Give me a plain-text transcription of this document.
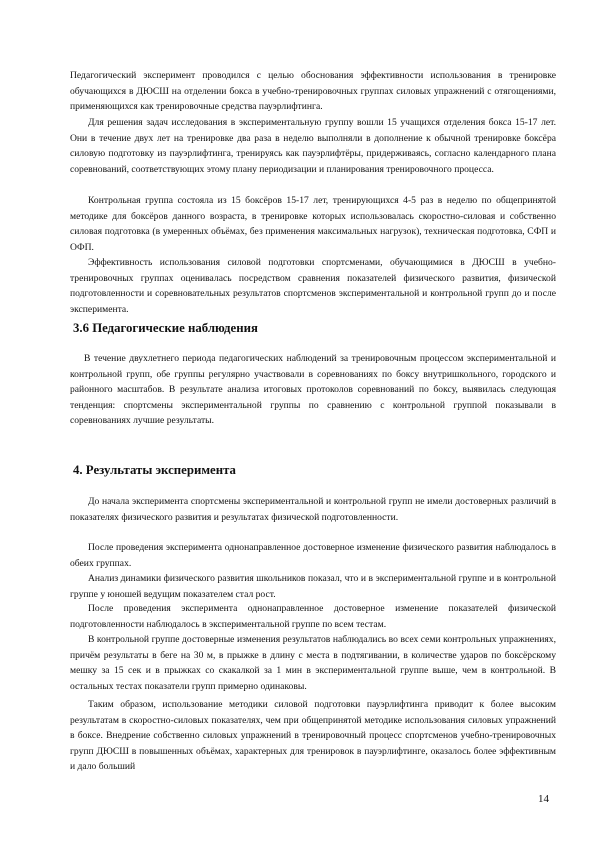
Педагогический эксперимент проводился с целью обоснования эффективности использования в тренировке обучающихся в ДЮСШ на отделении бокса в учебно-тренировочных группах силовых упражнений с отягощениями, применяющихся как тренировочные средства пауэрлифтинга.

Для решения задач исследования в экспериментальную группу вошли 15 учащихся отделения бокса 15-17 лет. Они в течение двух лет на тренировке два раза в неделю выполняли в дополнение к обычной тренировке боксёра силовую подготовку из пауэрлифтинга, тренируясь как пауэрлифтёры, придерживаясь, согласно календарного плана соревнований, соответствующих этому плану периодизации и планирования тренировочного процесса.

Контрольная группа состояла из 15 боксёров 15-17 лет, тренирующихся 4-5 раз в неделю по общепринятой методике для боксёров данного возраста, в тренировке которых использовалась скоростно-силовая и собственно силовая подготовка (в умеренных объёмах, без применения максимальных нагрузок), техническая подготовка, СФП и ОФП.

Эффективность использования силовой подготовки спортсменами, обучающимися в ДЮСШ в учебно-тренировочных группах оценивалась посредством сравнения показателей физического развития, физической подготовленности и соревновательных результатов спортсменов экспериментальной и контрольной групп до и после эксперимента.

3.6 Педагогические наблюдения

В течение двухлетнего периода педагогических наблюдений за тренировочным процессом экспериментальной и контрольной групп, обе группы регулярно участвовали в соревнованиях по боксу внутришкольного, городского и районного масштабов. В результате анализа итоговых протоколов соревнований по боксу, выявилась следующая тенденция: спортсмены экспериментальной группы по сравнению с контрольной группой показывали в соревнованиях лучшие результаты.

4. Результаты эксперимента

До начала эксперимента спортсмены экспериментальной и контрольной групп не имели достоверных различий в показателях физического развития и результатах физической подготовленности.

После проведения эксперимента однонаправленное достоверное изменение физического развития наблюдалось в обеих группах.

Анализ динамики физического развития школьников показал, что и в экспериментальной группе и в контрольной группе у юношей ведущим показателем стал рост.

После проведения эксперимента однонаправленное достоверное изменение показателей физической подготовленности наблюдалось в экспериментальной группе по всем тестам.

В контрольной группе достоверные изменения результатов наблюдались во всех семи контрольных упражнениях, причём результаты в беге на 30 м, в прыжке в длину с места в подтягивании, в количестве ударов по боксёрскому мешку за 15 сек и в прыжках со скакалкой за 1 мин в экспериментальной группе выше, чем в контрольной. В остальных тестах показатели групп примерно одинаковы.

Таким образом, использование методики силовой подготовки пауэрлифтинга приводит к более высоким результатам в скоростно-силовых показателях, чем при общепринятой методике использования силовых упражнений в боксе. Внедрение собственно силовых упражнений в тренировочный процесс спортсменов учебно-тренировочных групп ДЮСШ в повышенных объёмах, характерных для тренировок в пауэрлифтинге, оказалось более эффективным и дало больший

14
